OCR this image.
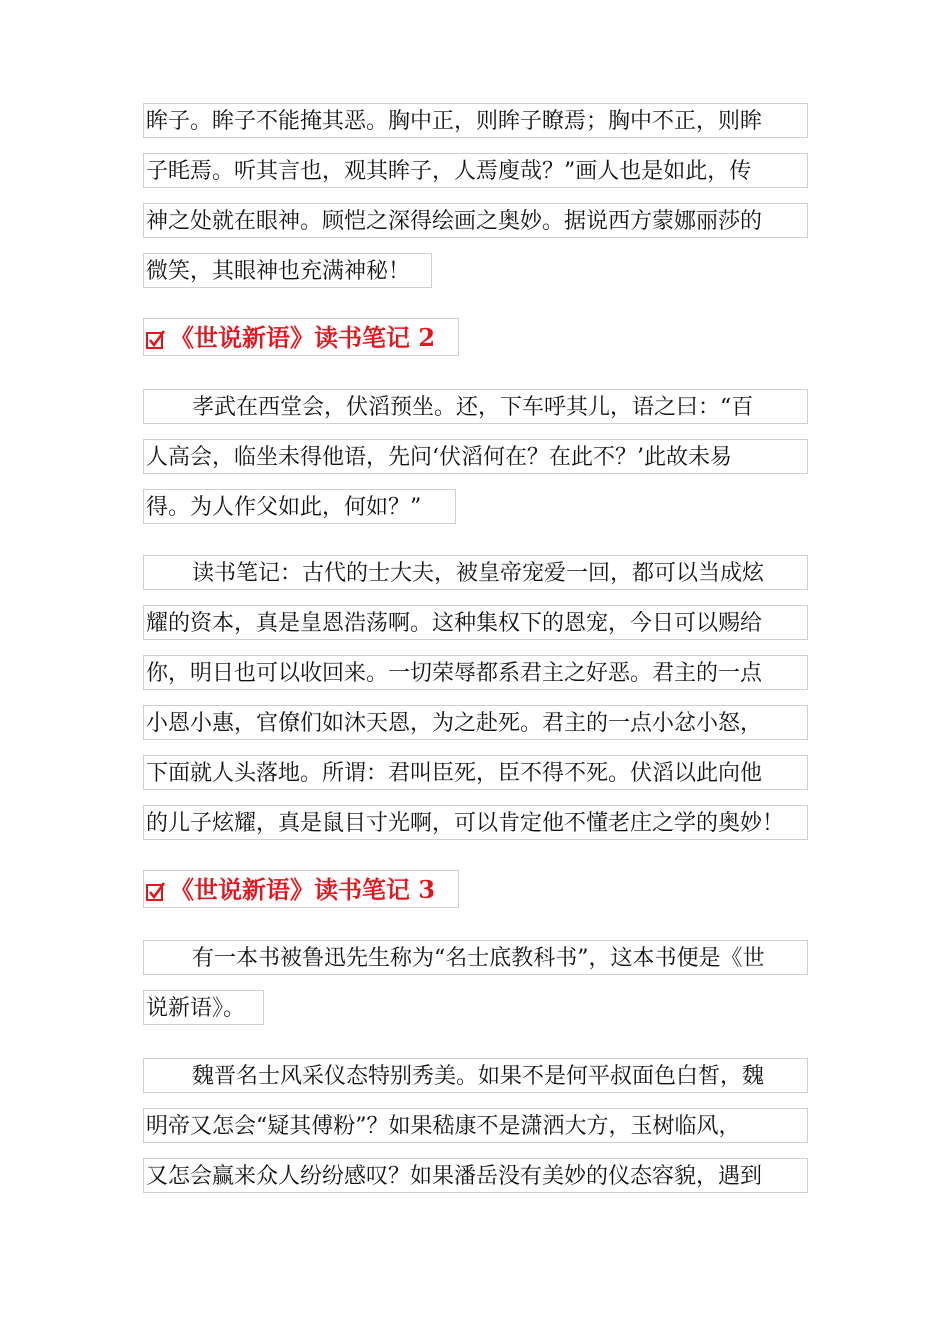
眸子。眸子不能掩其恶。胸中正，则眸子瞭焉；胸中不正，则眸
子眊焉。听其言也，观其眸子，人焉廋哉？”画人也是如此，传
神之处就在眼神。顾恺之深得绘画之奥妙。据说西方蒙娜丽莎的
微笑，其眼神也充满神秘！
《世说新语》读书笔记 2
孝武在西堂会，伏滔预坐。还，下车呼其儿，语之曰：“百
人高会，临坐未得他语，先问‘伏滔何在？在此不？’此故未易
得。为人作父如此，何如？”
读书笔记：古代的士大夫，被皇帝宠爱一回，都可以当成炫
耀的资本，真是皇恩浩荡啊。这种集权下的恩宠，今日可以赐给
你，明日也可以收回来。一切荣辱都系君主之好恶。君主的一点
小恩小惠，官僚们如沐天恩，为之赴死。君主的一点小忿小怒，
下面就人头落地。所谓：君叫臣死，臣不得不死。伏滔以此向他
的儿子炫耀，真是鼠目寸光啊，可以肯定他不懂老庄之学的奥妙！
《世说新语》读书笔记 3
有一本书被鲁迅先生称为“名士底教科书”，这本书便是《世
说新语》。
魏晋名士风采仪态特别秀美。如果不是何平叔面色白皙，魏
明帝又怎会“疑其傅粉”？如果嵇康不是潇洒大方，玉树临风，
又怎会赢来众人纷纷感叹？如果潘岳没有美妙的仪态容貌，遇到
